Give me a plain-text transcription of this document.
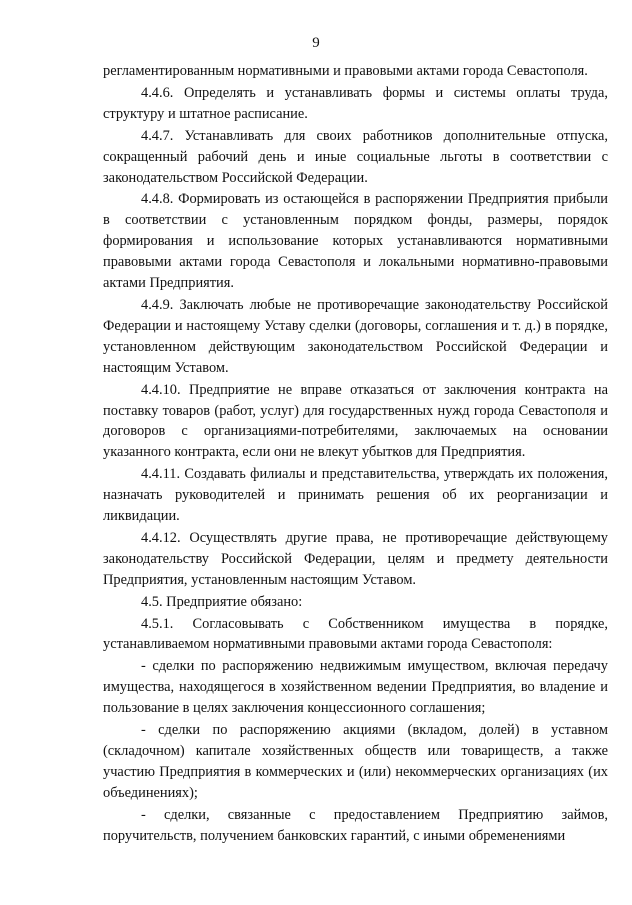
9

регламентированным нормативными и правовыми актами города Севастополя.

4.4.6. Определять и устанавливать формы и системы оплаты труда, структуру и штатное расписание.

4.4.7. Устанавливать для своих работников дополнительные отпуска, сокращенный рабочий день и иные социальные льготы в соответствии с законодательством Российской Федерации.

4.4.8. Формировать из остающейся в распоряжении Предприятия прибыли в соответствии с установленным порядком фонды, размеры, порядок формирования и использование которых устанавливаются нормативными правовыми актами города Севастополя и локальными нормативно-правовыми актами Предприятия.

4.4.9. Заключать любые не противоречащие законодательству Российской Федерации и настоящему Уставу сделки (договоры, соглашения и т. д.) в порядке, установленном действующим законодательством Российской Федерации и настоящим Уставом.

4.4.10. Предприятие не вправе отказаться от заключения контракта на поставку товаров (работ, услуг) для государственных нужд города Севастополя и договоров с организациями-потребителями, заключаемых на основании указанного контракта, если они не влекут убытков для Предприятия.

4.4.11. Создавать филиалы и представительства, утверждать их положения, назначать руководителей и принимать решения об их реорганизации и ликвидации.

4.4.12. Осуществлять другие права, не противоречащие действующему законодательству Российской Федерации, целям и предмету деятельности Предприятия, установленным настоящим Уставом.

4.5. Предприятие обязано:

4.5.1. Согласовывать с Собственником имущества в порядке, устанавливаемом нормативными правовыми актами города Севастополя:

- сделки по распоряжению недвижимым имуществом, включая передачу имущества, находящегося в хозяйственном ведении Предприятия, во владение и пользование в целях заключения концессионного соглашения;

- сделки по распоряжению акциями (вкладом, долей) в уставном (складочном) капитале хозяйственных обществ или товариществ, а также участию Предприятия в коммерческих и (или) некоммерческих организациях (их объединениях);

- сделки, связанные с предоставлением Предприятию займов, поручительств, получением банковских гарантий, с иными обременениями
